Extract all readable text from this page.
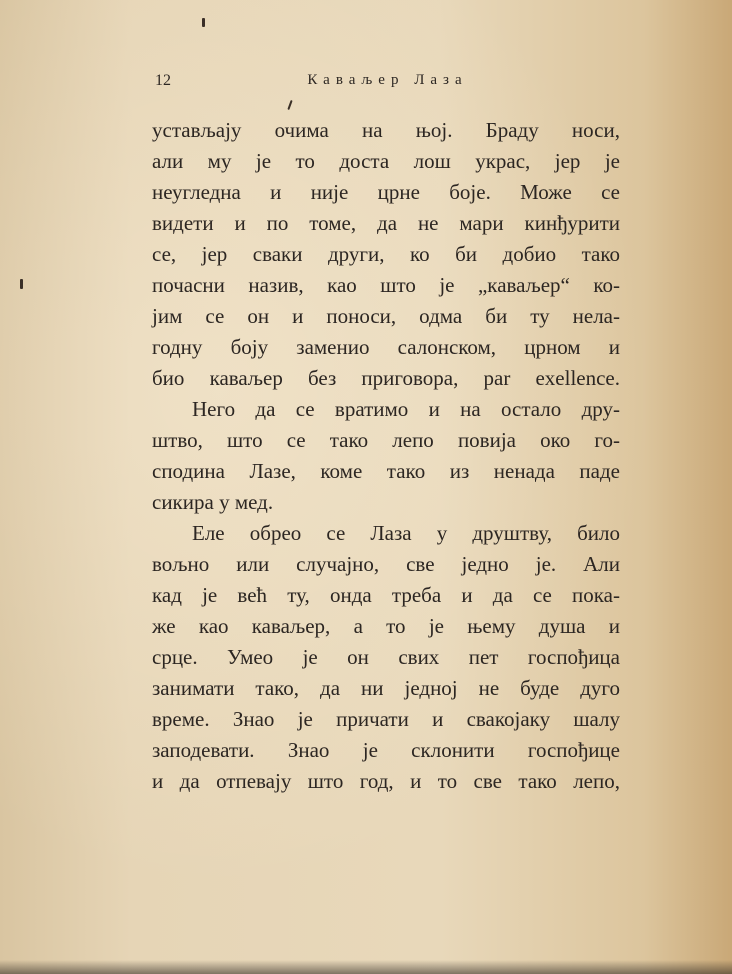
12	Каваљер Лаза
устављају очима на њој. Браду носи,
али му је то доста лош украс, јер је
неугледна и није црне боје. Може се
видети и по томе, да не мари кинђурити
се, јер сваки други, ко би добио тако
почасни назив, као што је „каваљер“ ко-
јим се он и поноси, одма би ту нела-
годну боју заменио салонском, црном и
био каваљер без приговора, par exellence.
Него да се вратимо и на остало дру-
штво, што се тако лепо повија око го-
сподина Лазе, коме тако из ненада паде
сикира у мед.
Еле обрео се Лаза у друштву, било
вољно или случајно, све једно је. Али
кад је већ ту, онда треба и да се пока-
же као каваљер, а то је њему душа и
срце. Умео је он свих пет госпођица
занимати тако, да ни једној не буде дуго
време. Знао је причати и свакојаку шалу
заподевати. Знао је склонити госпођице
и да отпевају што год, и то све тако лепо,
